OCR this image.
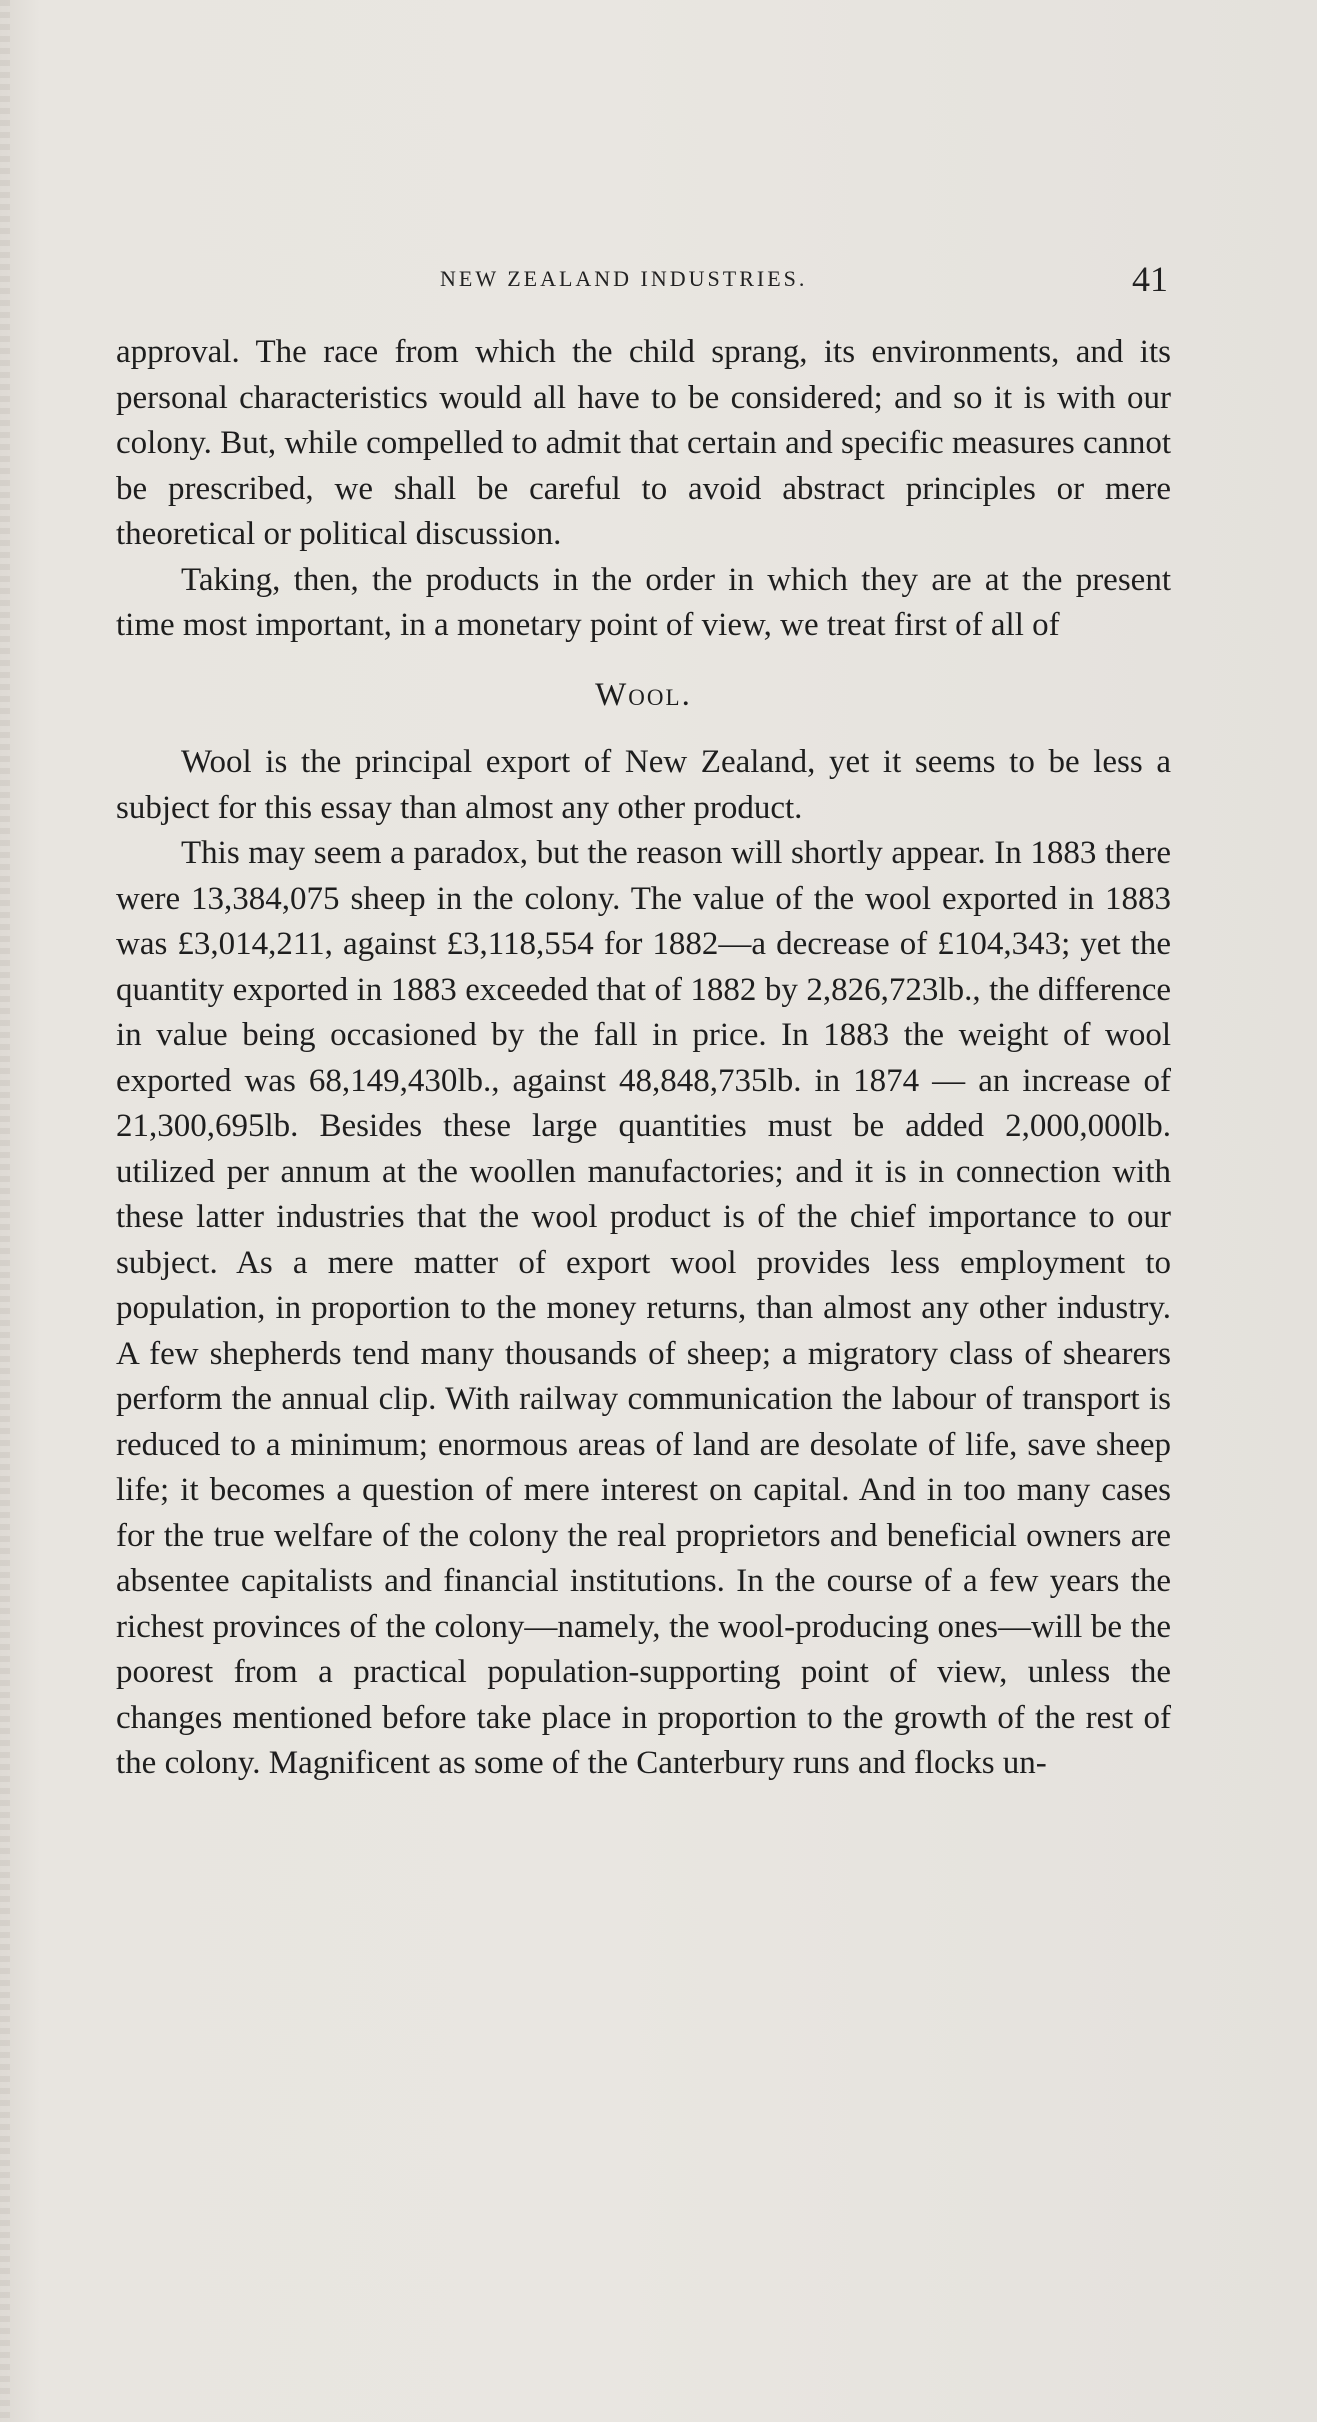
NEW ZEALAND INDUSTRIES.	41

approval. The race from which the child sprang, its environments, and its personal characteristics would all have to be considered; and so it is with our colony. But, while compelled to admit that certain and specific measures cannot be prescribed, we shall be careful to avoid abstract principles or mere theoretical or political discussion.

Taking, then, the products in the order in which they are at the present time most important, in a monetary point of view, we treat first of all of

Wool.

Wool is the principal export of New Zealand, yet it seems to be less a subject for this essay than almost any other product.

This may seem a paradox, but the reason will shortly appear. In 1883 there were 13,384,075 sheep in the colony. The value of the wool exported in 1883 was £3,014,211, against £3,118,554 for 1882—a decrease of £104,343; yet the quantity exported in 1883 exceeded that of 1882 by 2,826,723lb., the difference in value being occasioned by the fall in price. In 1883 the weight of wool exported was 68,149,430lb., against 48,848,735lb. in 1874 — an increase of 21,300,695lb. Besides these large quantities must be added 2,000,000lb. utilized per annum at the woollen manufactories; and it is in connection with these latter industries that the wool product is of the chief importance to our subject. As a mere matter of export wool provides less employment to population, in proportion to the money returns, than almost any other industry. A few shepherds tend many thousands of sheep; a migratory class of shearers perform the annual clip. With railway communication the labour of transport is reduced to a minimum; enormous areas of land are desolate of life, save sheep life; it becomes a question of mere interest on capital. And in too many cases for the true welfare of the colony the real proprietors and beneficial owners are absentee capitalists and financial institutions. In the course of a few years the richest provinces of the colony—namely, the wool-producing ones—will be the poorest from a practical population-supporting point of view, unless the changes mentioned before take place in proportion to the growth of the rest of the colony. Magnificent as some of the Canterbury runs and flocks un-
